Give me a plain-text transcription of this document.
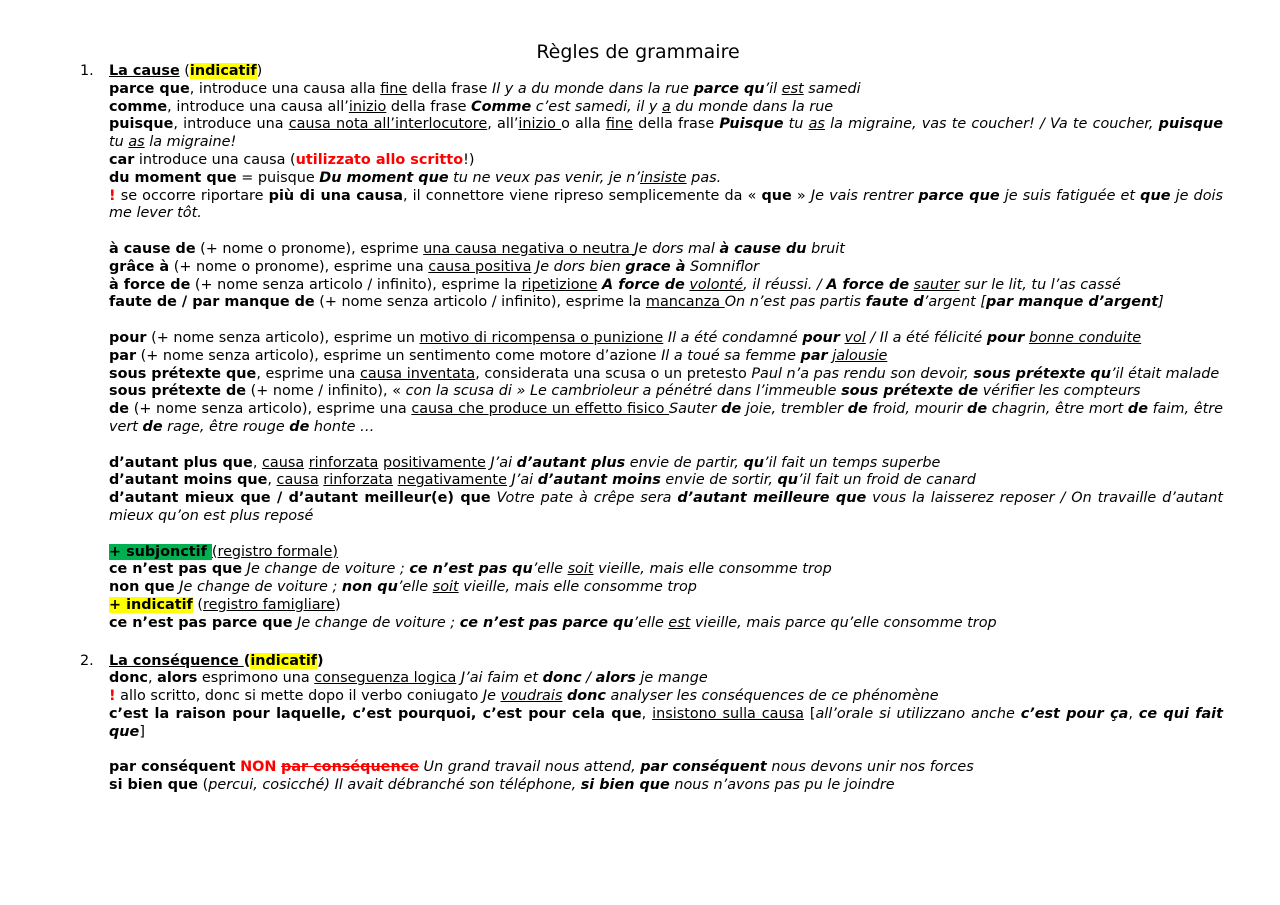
Règles de grammaire

1. La cause (indicatif)

parce que, introduce una causa alla fine della frase Il y a du monde dans la rue parce qu’il est samedi

comme, introduce una causa all’inizio della frase Comme c’est samedi, il y a du monde dans la rue

puisque, introduce una causa nota all’interlocutore, all’inizio o alla fine della frase Puisque tu as la migraine, vas te coucher! / Va te coucher, puisque tu as la migraine!

car introduce una causa (utilizzato allo scritto!)

du moment que = puisque Du moment que tu ne veux pas venir, je n’insiste pas.

! se occorre riportare più di una causa, il connettore viene ripreso semplicemente da « que » Je vais rentrer parce que je suis fatiguée et que je dois me lever tôt.

à cause de (+ nome o pronome), esprime una causa negativa o neutra Je dors mal à cause du bruit

grâce à (+ nome o pronome), esprime una causa positiva Je dors bien grace à Somniflor

à force de (+ nome senza articolo / infinito), esprime la ripetizione A force de volonté, il réussi. / A force de sauter sur le lit, tu l’as cassé

faute de / par manque de (+ nome senza articolo / infinito), esprime la mancanza On n’est pas partis faute d’argent [par manque d’argent]

pour (+ nome senza articolo), esprime un motivo di ricompensa o punizione Il a été condamné pour vol / Il a été félicité pour bonne conduite

par (+ nome senza articolo), esprime un sentimento come motore d’azione Il a toué sa femme par jalousie

sous prétexte que, esprime una causa inventata, considerata una scusa o un pretesto Paul n’a pas rendu son devoir, sous prétexte qu’il était malade

sous prétexte de (+ nome / infinito), « con la scusa di » Le cambrioleur a pénétré dans l’immeuble sous prétexte de vérifier les compteurs

de (+ nome senza articolo), esprime una causa che produce un effetto fisico Sauter de joie, trembler de froid, mourir de chagrin, être mort de faim, être vert de rage, être rouge de honte …

d’autant plus que, causa rinforzata positivamente J’ai d’autant plus envie de partir, qu’il fait un temps superbe

d’autant moins que, causa rinforzata negativamente J’ai d’autant moins envie de sortir, qu’il fait un froid de canard

d’autant mieux que / d’autant meilleur(e) que Votre pate à crêpe sera d’autant meilleure que vous la laisserez reposer / On travaille d’autant mieux qu’on est plus reposé

+ subjonctif (registro formale)

ce n’est pas que Je change de voiture ; ce n’est pas qu’elle soit vieille, mais elle consomme trop

non que Je change de voiture ; non qu’elle soit vieille, mais elle consomme trop

+ indicatif (registro famigliare)

ce n’est pas parce que Je change de voiture ; ce n’est pas parce qu’elle est vieille, mais parce qu’elle consomme trop

2. La conséquence (indicatif)

donc, alors esprimono una conseguenza logica J’ai faim et donc / alors je mange

! allo scritto, donc si mette dopo il verbo coniugato Je voudrais donc analyser les conséquences de ce phénomène

c’est la raison pour laquelle, c’est pourquoi, c’est pour cela que, insistono sulla causa [all’orale si utilizzano anche c’est pour ça, ce qui fait que]

par conséquent NON par conséquence Un grand travail nous attend, par conséquent nous devons unir nos forces

si bien que (percui, cosicché) Il avait débranché son téléphone, si bien que nous n’avons pas pu le joindre
